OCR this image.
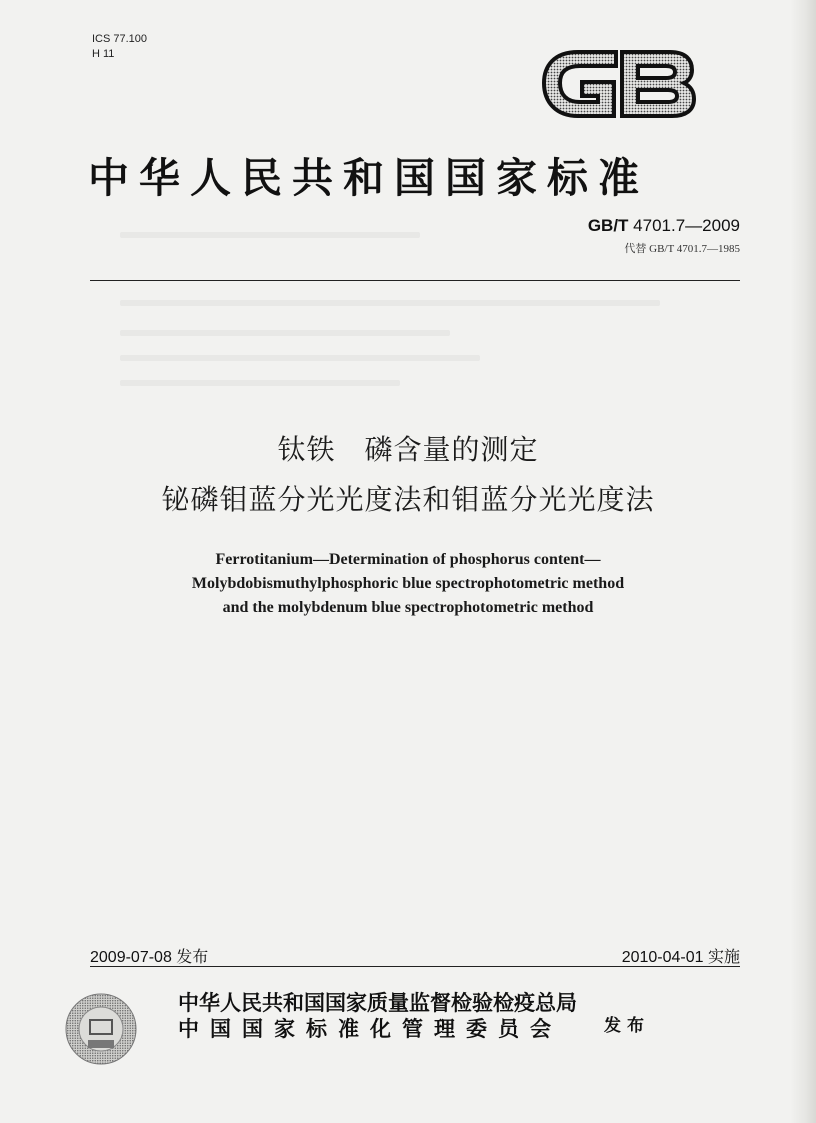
ICS 77.100
H 11
GB
中华人民共和国国家标准
GB/T 4701.7—2009
代替 GB/T 4701.7—1985
钛铁　磷含量的测定
铋磷钼蓝分光光度法和钼蓝分光光度法
Ferrotitanium—Determination of phosphorus content—
Molybdobismuthylphosphoric blue spectrophotometric method
and the molybdenum blue spectrophotometric method
2009-07-08 发布	2010-04-01 实施
中华人民共和国国家质量监督检验检疫总局
中国国家标准化管理委员会	发布
